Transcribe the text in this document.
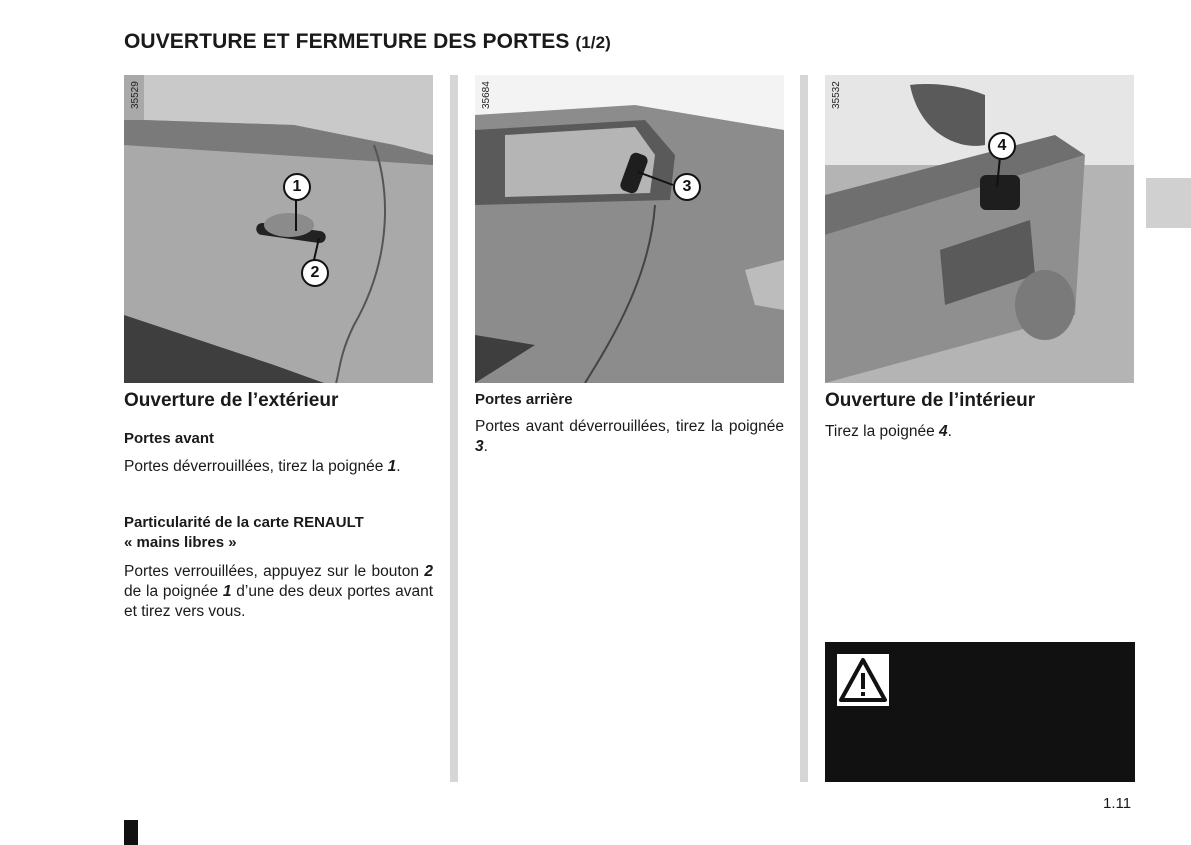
OUVERTURE ET FERMETURE DES PORTES (1/2)
35529
1
2
35684
3
35532
4
Ouverture de l’extérieur

Portes avant

Portes déverrouillées, tirez la poignée 1.

Particularité de la carte RENAULT
« mains libres »

Portes verrouillées, appuyez sur le bouton 2 de la poignée 1 d’une des deux portes avant et tirez vers vous.

Portes arrière

Portes avant déverrouillées, tirez la poignée 3.

Ouverture de l’intérieur

Tirez la poignée 4.

1.11
